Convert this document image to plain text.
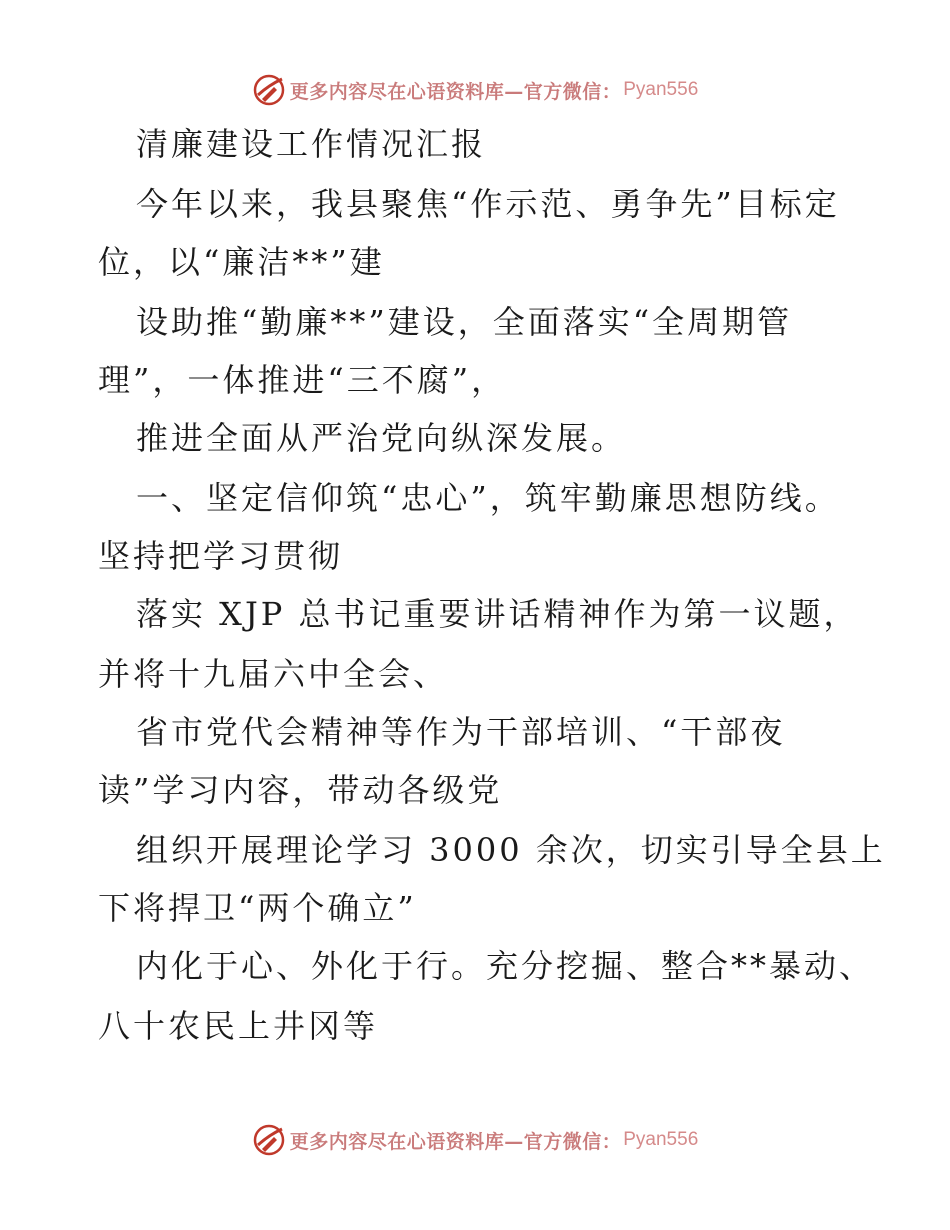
更多内容尽在心语资料库—官方微信： Pyan556
清廉建设工作情况汇报
今年以来，我县聚焦“作示范、勇争先”目标定
位，以“廉洁**”建
设助推“勤廉**”建设，全面落实“全周期管
理”，一体推进“三不腐”，
推进全面从严治党向纵深发展。
一、坚定信仰筑“忠心”，筑牢勤廉思想防线。
坚持把学习贯彻
落实 XJP 总书记重要讲话精神作为第一议题，
并将十九届六中全会、
省市党代会精神等作为干部培训、“干部夜
读”学习内容，带动各级党
组织开展理论学习 3000 余次，切实引导全县上
下将捍卫“两个确立”
内化于心、外化于行。充分挖掘、整合**暴动、
八十农民上井冈等
更多内容尽在心语资料库—官方微信： Pyan556
